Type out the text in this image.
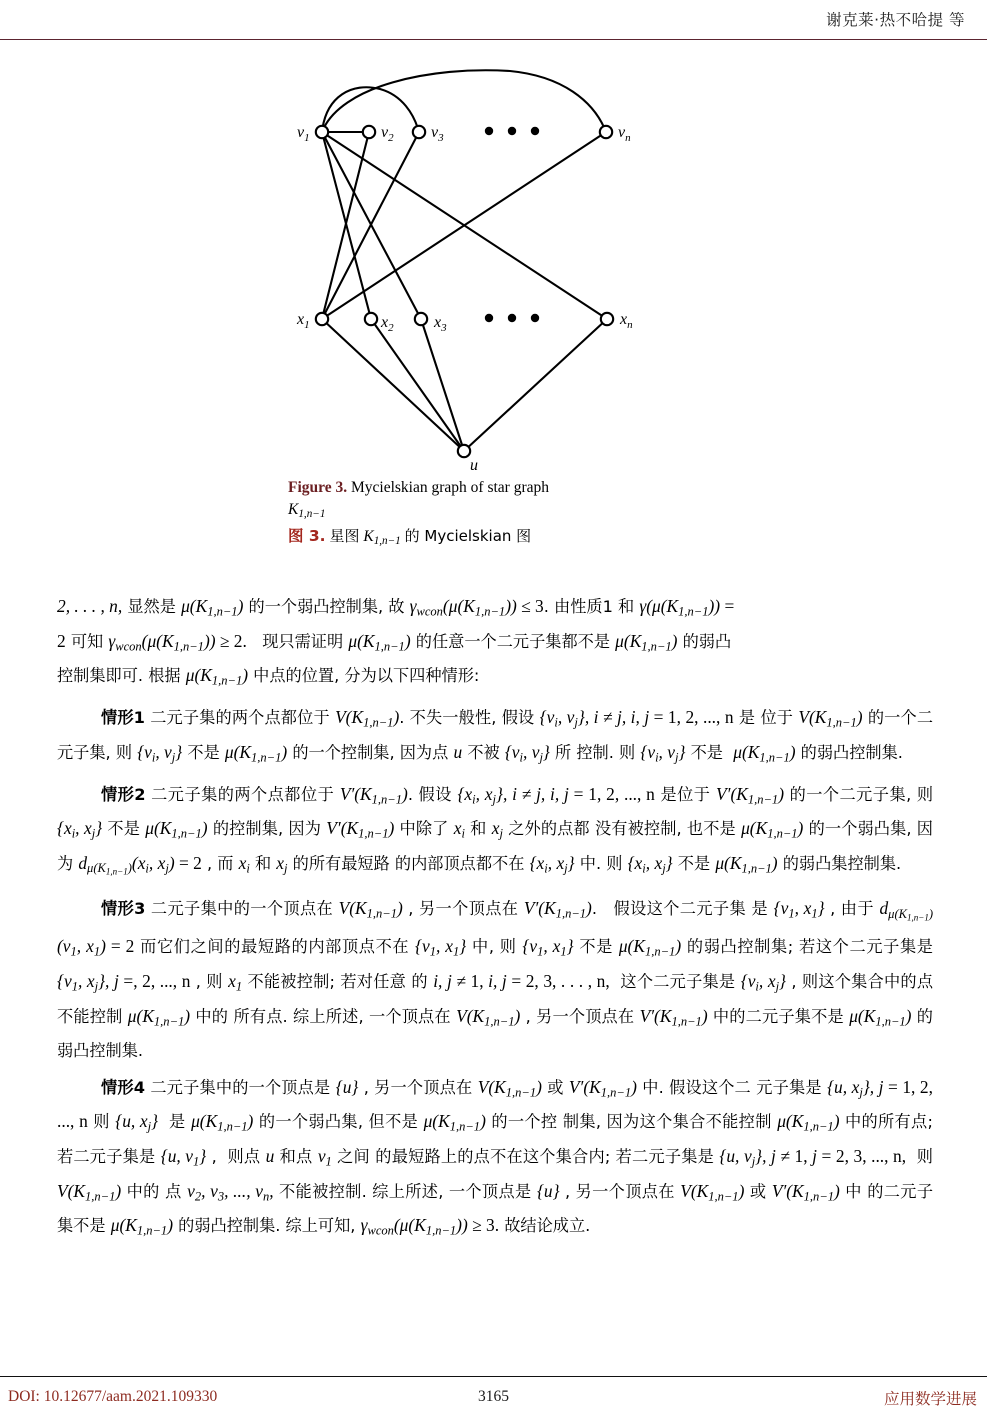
谢克莱·热不哈提 等
$v_1$	$v_2$ $v_3$	$v_n$
$x_1$	$x_2$	$x_3$	$x_n$
u
Figure 3. Mycielskian graph of star graph
$K_{1,n-1}$
图 3. 星图 $K_{1,n-1}$ 的 Mycielskian 图

2, . . . , n, 显然是 $\mu(K_{1,n-1})$ 的一个弱凸控制集, 故 $\gamma_{wcon}(\mu(K_{1,n-1})) \le 3$. 由性质1 和 $\gamma(\mu(K_{1,n-1}))$ =
2 可知 $\gamma_{wcon}(\mu(K_{1,n-1})) \ge 2$.   现只需证明 $\mu(K_{1,n-1})$ 的任意一个二元子集都不是 $\mu(K_{1,n-1})$ 的弱凸
控制集即可. 根据 $\mu(K_{1,n-1})$ 中点的位置, 分为以下四种情形:

情形1 二元子集的两个点都位于 $V(K_{1,n-1})$. 不失一般性, 假设 {$v_i$, $v_j$}, i ≠ j, i, j = 1, 2, ..., n 是 位于 $V(K_{1,n-1})$ 的一个二元子集, 则 {$v_i$, $v_j$} 不是 $\mu(K_{1,n-1})$ 的一个控制集, 因为点 u 不被 {$v_i$, $v_j$} 所 控制. 则 {$v_i$, $v_j$} 不是  $\mu(K_{1,n-1})$ 的弱凸控制集.

情形2 二元子集的两个点都位于 $V'(K_{1,n-1})$. 假设 {$x_i$, $x_j$}, i ≠ j, i, j = 1, 2, ..., n 是位于 $V'(K_{1,n-1})$ 的一个二元子集, 则 {$x_i$, $x_j$} 不是 $\mu(K_{1,n-1})$ 的控制集, 因为 $V'(K_{1,n-1})$ 中除了 $x_i$ 和 $x_j$ 之外的点都 没有被控制, 也不是 $\mu(K_{1,n-1})$ 的一个弱凸集, 因为 $d_{\mu(K_{1,n-1})}(x_i$, $x_j) = 2$ , 而 $x_i$ 和 $x_j$ 的所有最短路 的内部顶点都不在 {$x_i$, $x_j$} 中. 则 {$x_i$, $x_j$} 不是 $\mu(K_{1,n-1})$ 的弱凸集控制集.

情形3 二元子集中的一个顶点在 $V(K_{1,n-1})$ , 另一个顶点在 $V'(K_{1,n-1})$.   假设这个二元子集 是 {$v_1$, $x_1$} , 由于 $d_{\mu(K_{1,n-1})}(v_1$, $x_1) = 2$ 而它们之间的最短路的内部顶点不在 {$v_1$, $x_1$} 中, 则 {$v_1$, $x_1$} 不是 $\mu(K_{1,n-1})$ 的弱凸控制集; 若这个二元子集是 {$v_1$, $x_j$}, j =, 2, ..., n , 则 $x_1$ 不能被控制; 若对任意 的 i, j ≠ 1, i, j = 2, 3, . . . , n,  这个二元子集是 {$v_i$, $x_j$} , 则这个集合中的点不能控制 $\mu(K_{1,n-1})$ 中的 所有点. 综上所述, 一个顶点在 $V(K_{1,n-1})$ , 另一个顶点在 $V'(K_{1,n-1})$ 中的二元子集不是 $\mu(K_{1,n-1})$ 的弱凸控制集.

情形4 二元子集中的一个顶点是 {u} , 另一个顶点在 $V(K_{1,n-1})$ 或 $V'(K_{1,n-1})$ 中. 假设这个二 元子集是 {u, $x_j$}, j = 1, 2, ..., n 则 {u, $x_j$}  是 $\mu(K_{1,n-1})$ 的一个弱凸集, 但不是 $\mu(K_{1,n-1})$ 的一个控 制集, 因为这个集合不能控制 $\mu(K_{1,n-1})$ 中的所有点; 若二元子集是 {u, $v_1$} ,  则点 u 和点 $v_1$ 之间 的最短路上的点不在这个集合内; 若二元子集是 {u, $v_j$}, j ≠ 1, j = 2, 3, ..., n,  则 $V(K_{1,n-1})$ 中的 点 $v_2$, $v_3$, ..., $v_n$, 不能被控制. 综上所述, 一个顶点是 {u} , 另一个顶点在 $V(K_{1,n-1})$ 或 $V'(K_{1,n-1})$ 中 的二元子集不是 $\mu(K_{1,n-1})$ 的弱凸控制集. 综上可知, $\gamma_{wcon}(\mu(K_{1,n-1})) \ge 3$. 故结论成立.

DOI: 10.12677/aam.2021.109330	3165	应用数学进展
